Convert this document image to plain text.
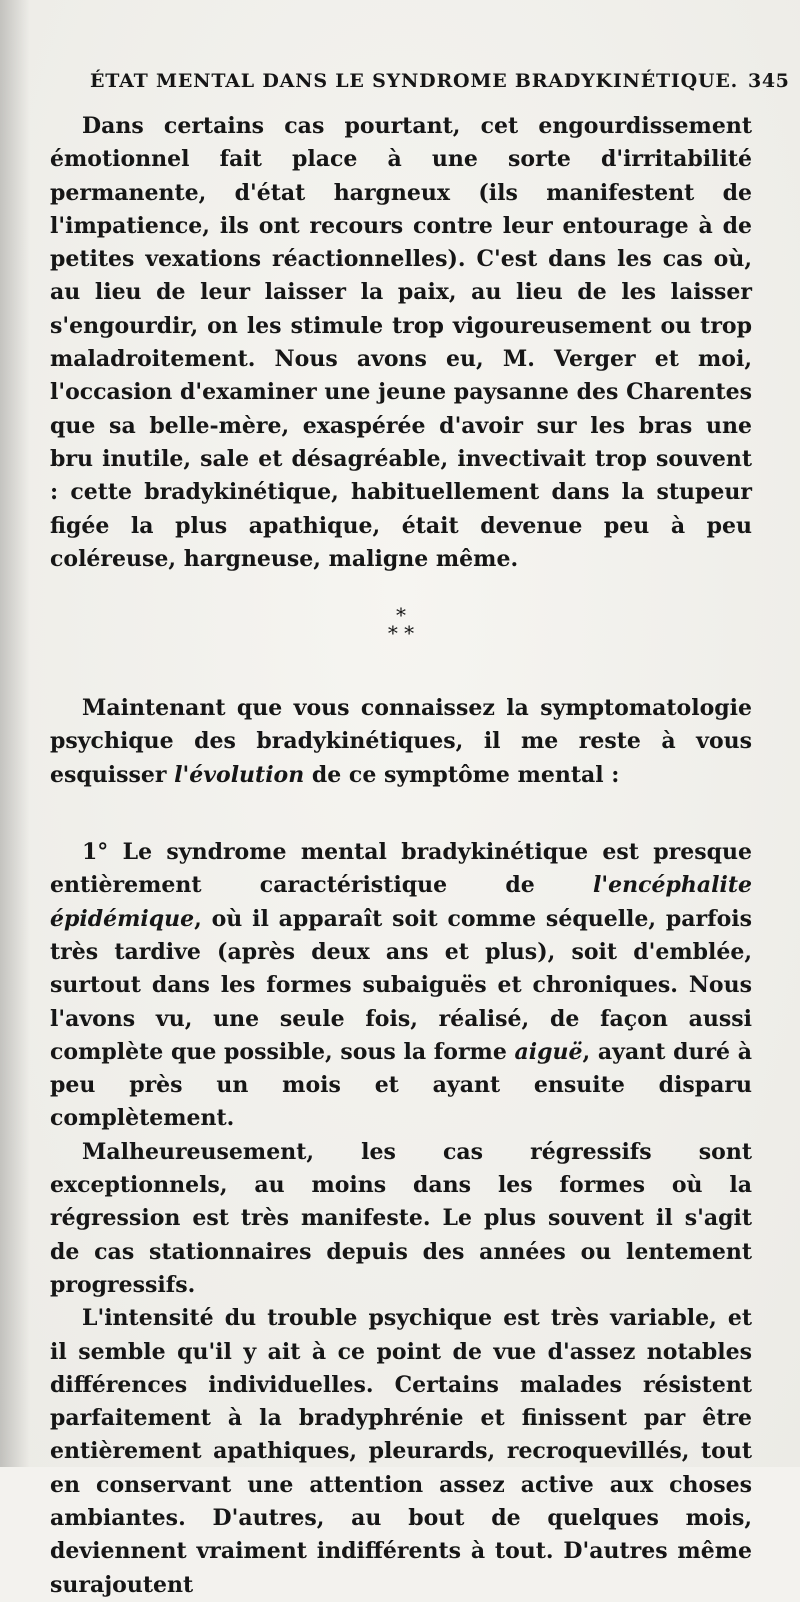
ÉTAT MENTAL DANS LE SYNDROME BRADYKINÉTIQUE. 345

Dans certains cas pourtant, cet engourdissement émotionnel fait place à une sorte d'irritabilité permanente, d'état hargneux (ils manifestent de l'impatience, ils ont recours contre leur entourage à de petites vexations réactionnelles). C'est dans les cas où, au lieu de leur laisser la paix, au lieu de les laisser s'engourdir, on les stimule trop vigoureusement ou trop maladroitement. Nous avons eu, M. Verger et moi, l'occasion d'examiner une jeune paysanne des Charentes que sa belle-mère, exaspérée d'avoir sur les bras une bru inutile, sale et désagréable, invectivait trop souvent : cette bradykinétique, habituellement dans la stupeur figée la plus apathique, était devenue peu à peu coléreuse, hargneuse, maligne même.

*
* *

Maintenant que vous connaissez la symptomatologie psychique des bradykinétiques, il me reste à vous esquisser l'évolution de ce symptôme mental :

1° Le syndrome mental bradykinétique est presque entièrement caractéristique de l'encéphalite épidémique, où il apparaît soit comme séquelle, parfois très tardive (après deux ans et plus), soit d'emblée, surtout dans les formes subaiguës et chroniques. Nous l'avons vu, une seule fois, réalisé, de façon aussi complète que possible, sous la forme aiguë, ayant duré à peu près un mois et ayant ensuite disparu complètement.

Malheureusement, les cas régressifs sont exceptionnels, au moins dans les formes où la régression est très manifeste. Le plus souvent il s'agit de cas stationnaires depuis des années ou lentement progressifs.

L'intensité du trouble psychique est très variable, et il semble qu'il y ait à ce point de vue d'assez notables différences individuelles. Certains malades résistent parfaitement à la bradyphrénie et finissent par être entièrement apathiques, pleurards, recroquevillés, tout en conservant une attention assez active aux choses ambiantes. D'autres, au bout de quelques mois, deviennent vraiment indifférents à tout. D'autres même surajoutent
